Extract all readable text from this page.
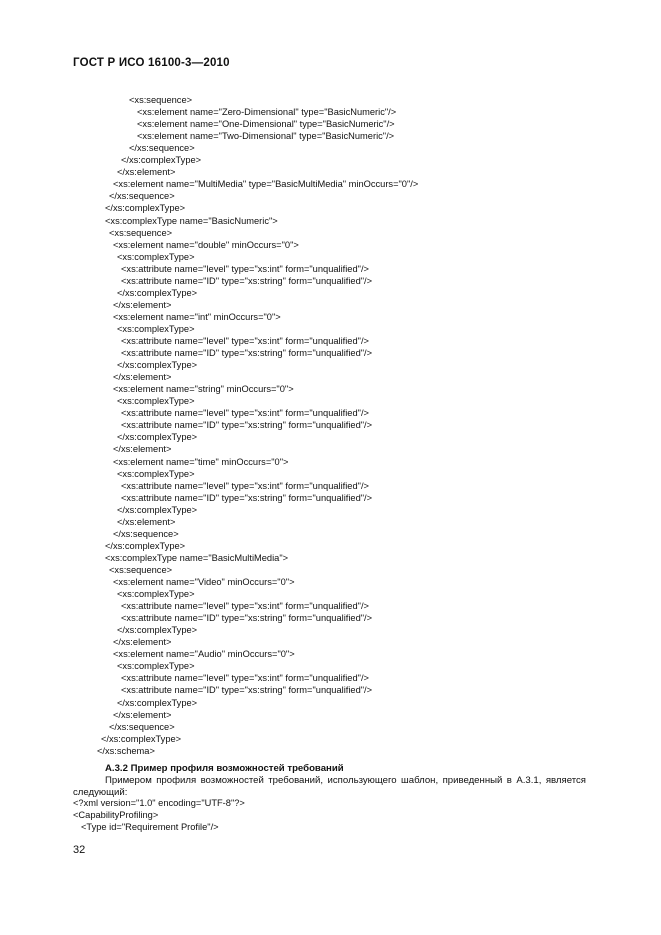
ГОСТ Р ИСО 16100-3—2010
<xs:sequence>
<xs:element name="Zero-Dimensional" type="BasicNumeric"/>
<xs:element name="One-Dimensional" type="BasicNumeric"/>
<xs:element name="Two-Dimensional" type="BasicNumeric"/>
</xs:sequence>
</xs:complexType>
</xs:element>
<xs:element name="MultiMedia" type="BasicMultiMedia" minOccurs="0"/>
</xs:sequence>
</xs:complexType>
<xs:complexType name="BasicNumeric">
<xs:sequence>
<xs:element name="double" minOccurs="0">
<xs:complexType>
<xs:attribute name="level" type="xs:int" form="unqualified"/>
<xs:attribute name="ID" type="xs:string" form="unqualified"/>
</xs:complexType>
</xs:element>
<xs:element name="int" minOccurs="0">
<xs:complexType>
<xs:attribute name="level" type="xs:int" form="unqualified"/>
<xs:attribute name="ID" type="xs:string" form="unqualified"/>
</xs:complexType>
</xs:element>
<xs:element name="string" minOccurs="0">
<xs:complexType>
<xs:attribute name="level" type="xs:int" form="unqualified"/>
<xs:attribute name="ID" type="xs:string" form="unqualified"/>
</xs:complexType>
</xs:element>
<xs:element name="time" minOccurs="0">
<xs:complexType>
<xs:attribute name="level" type="xs:int" form="unqualified"/>
<xs:attribute name="ID" type="xs:string" form="unqualified"/>
</xs:complexType>
</xs:element>
</xs:sequence>
</xs:complexType>
<xs:complexType name="BasicMultiMedia">
<xs:sequence>
<xs:element name="Video" minOccurs="0">
<xs:complexType>
<xs:attribute name="level" type="xs:int" form="unqualified"/>
<xs:attribute name="ID" type="xs:string" form="unqualified"/>
</xs:complexType>
</xs:element>
<xs:element name="Audio" minOccurs="0">
<xs:complexType>
<xs:attribute name="level" type="xs:int" form="unqualified"/>
<xs:attribute name="ID" type="xs:string" form="unqualified"/>
</xs:complexType>
</xs:element>
</xs:sequence>
</xs:complexType>
</xs:schema>
А.3.2 Пример профиля возможностей требований
Примером профиля возможностей требований, использующего шаблон, приведенный в А.3.1, является следующий:
<?xml version="1.0" encoding="UTF-8"?>
<CapabilityProfiling>
<Type id="Requirement Profile"/>
32
